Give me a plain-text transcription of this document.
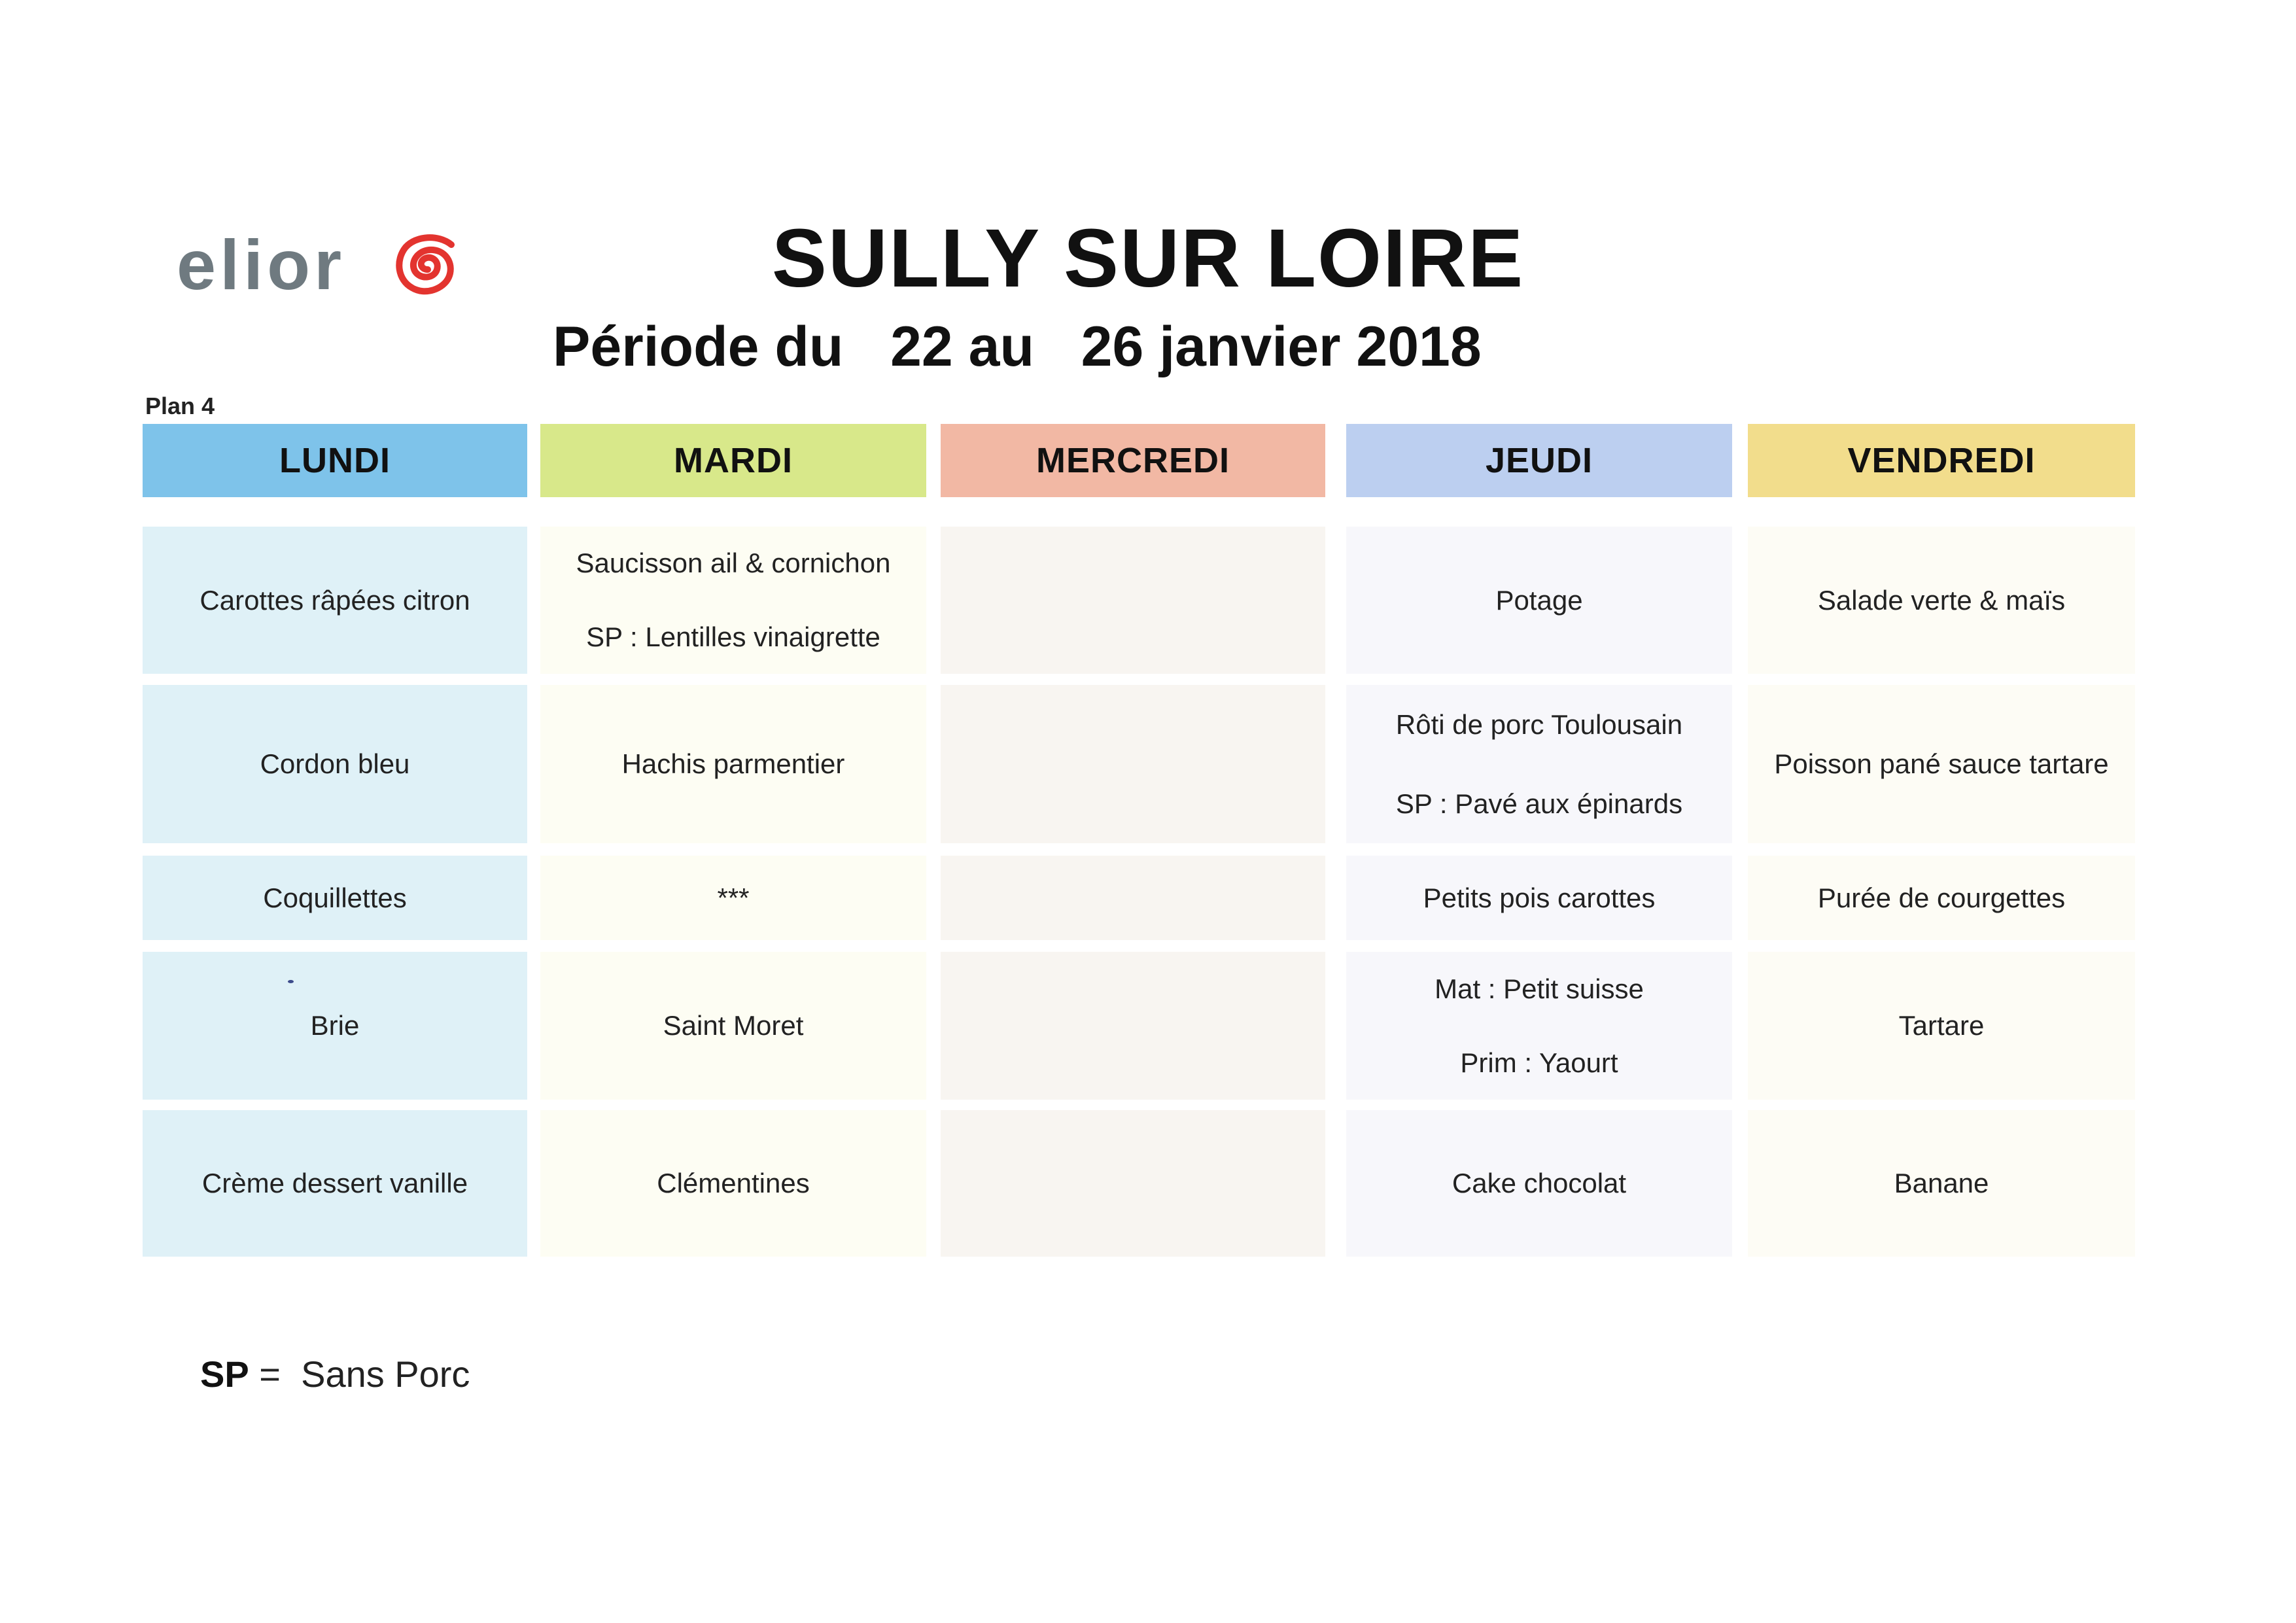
elior	SULLY SUR LOIRE
Période du   22 au   26 janvier 2018
Plan 4
LUNDI
Carottes râpées citron
Cordon bleu
Coquillettes
Brie
Crème dessert vanille
MARDI
Saucisson ail & cornichon
SP : Lentilles vinaigrette
Hachis parmentier
***
Saint Moret
Clémentines
MERCREDI	JEUDI
Potage
Rôti de porc Toulousain
SP : Pavé aux épinards
Petits pois carottes
Mat : Petit suisse
Prim : Yaourt
Cake chocolat
VENDREDI
Salade verte & maïs
Poisson pané sauce tartare
Purée de courgettes
Tartare
Banane
SP =  Sans Porc
